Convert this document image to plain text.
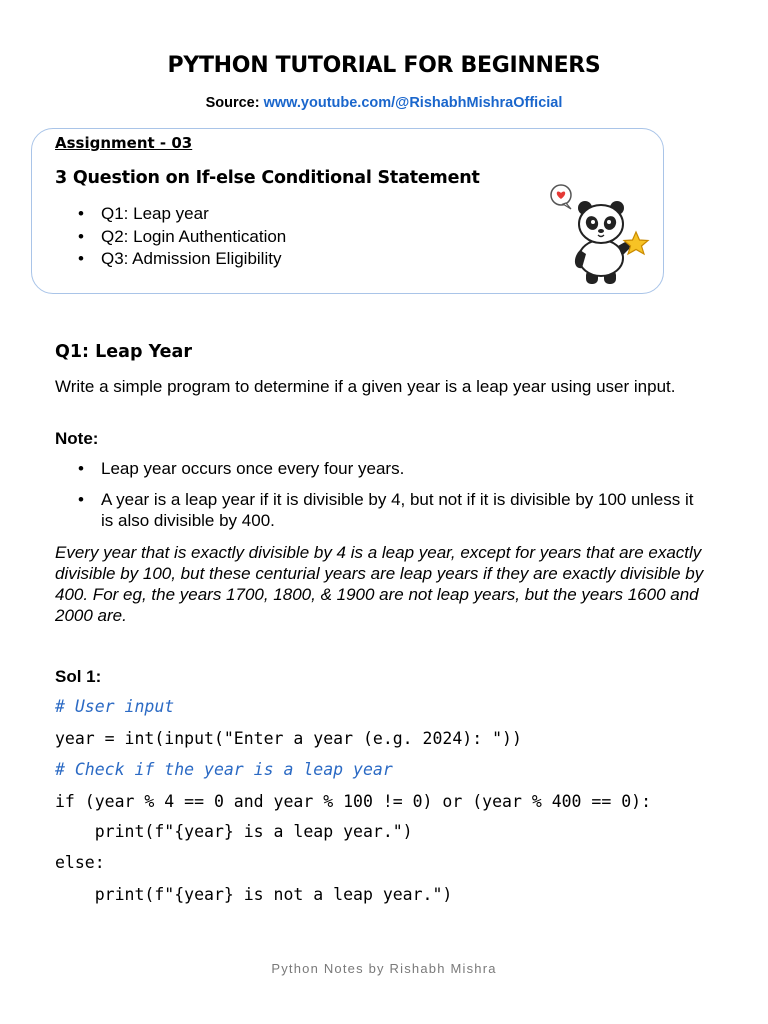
PYTHON TUTORIAL FOR BEGINNERS
Source: www.youtube.com/@RishabhMishraOfficial
Assignment - 03
3 Question on If-else Conditional Statement
• Q1: Leap year
• Q2: Login Authentication
• Q3: Admission Eligibility
Q1: Leap Year
Write a simple program to determine if a given year is a leap year using user input.
Note:
• Leap year occurs once every four years.
• A year is a leap year if it is divisible by 4, but not if it is divisible by 100 unless it is also divisible by 400.
Every year that is exactly divisible by 4 is a leap year, except for years that are exactly divisible by 100, but these centurial years are leap years if they are exactly divisible by 400. For eg, the years 1700, 1800, & 1900 are not leap years, but the years 1600 and 2000 are.
Sol 1:
# User input
year = int(input("Enter a year (e.g. 2024): "))
# Check if the year is a leap year
if (year % 4 == 0 and year % 100 != 0) or (year % 400 == 0):
print(f"{year} is a leap year.")
else:
print(f"{year} is not a leap year.")
Python Notes by Rishabh Mishra
